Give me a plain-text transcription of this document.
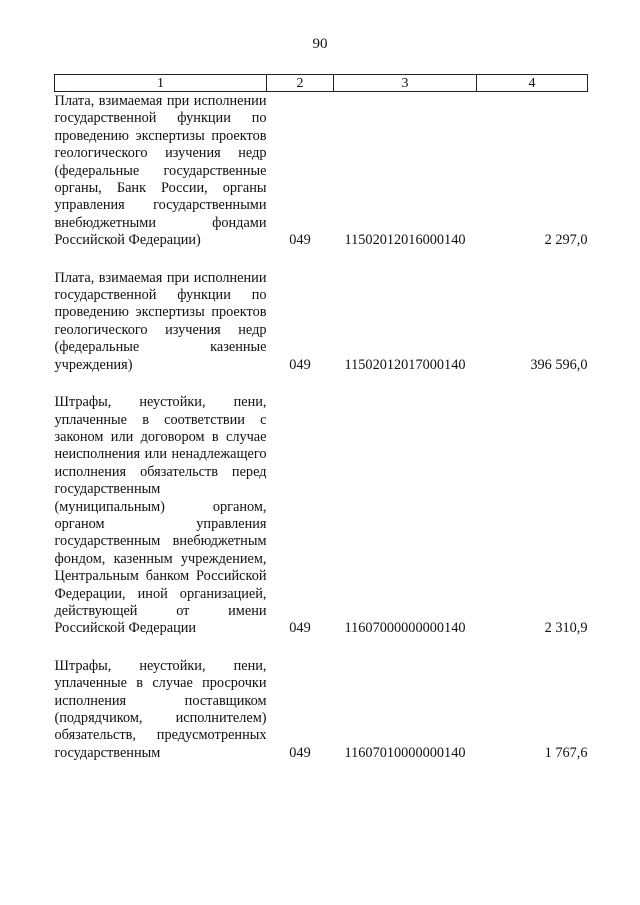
90
1	2	3	4
Плата, взимаемая при исполнении государственной функции по проведению экспертизы проектов геологического изучения недр (федеральные государственные органы, Банк России, органы управления государственными внебюджетными фондами Российской Федерации)	049	11502012016000140	2 297,0
Плата, взимаемая при исполнении государственной функции по проведению экспертизы проектов геологического изучения недр (федеральные казенные учреждения)	049	11502012017000140	396 596,0
Штрафы, неустойки, пени, уплаченные в соответствии с законом или договором в случае неисполнения или ненадлежащего исполнения обязательств перед государственным (муниципальным) органом, органом управления государственным внебюджетным фондом, казенным учреждением, Центральным банком Российской Федерации, иной организацией, действующей от имени Российской Федерации	049	11607000000000140	2 310,9
Штрафы, неустойки, пени, уплаченные в случае просрочки исполнения поставщиком (подрядчиком, исполнителем) обязательств, предусмотренных государственным	049	11607010000000140	1 767,6
